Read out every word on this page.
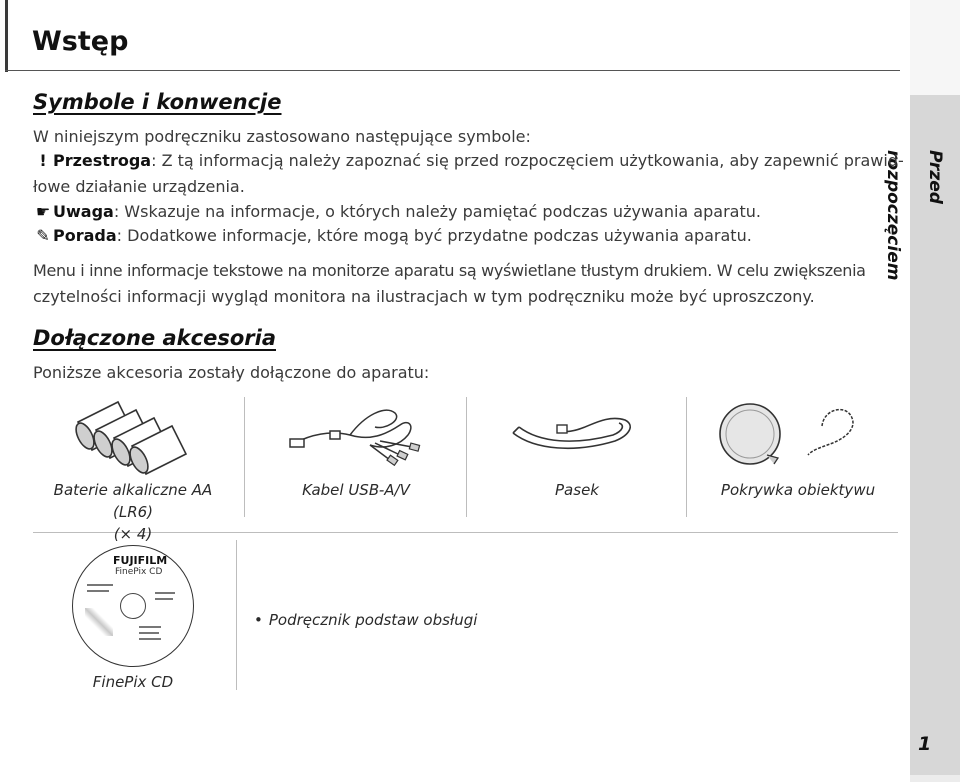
Wstęp
Przed rozpoczęciem
1
Symbole i konwencje
W niniejszym podręczniku zastosowano następujące symbole:
! Przestroga: Z tą informacją należy zapoznać się przed rozpoczęciem użytkowania, aby zapewnić prawid-
łowe działanie urządzenia.
☛ Uwaga: Wskazuje na informacje, o których należy pamiętać podczas używania aparatu.
✎ Porada: Dodatkowe informacje, które mogą być przydatne podczas używania aparatu.
Menu i inne informacje tekstowe na monitorze aparatu są wyświetlane tłustym drukiem. W celu zwiększenia
czytelności informacji wygląd monitora na ilustracjach w tym podręczniku może być uproszczony.
Dołączone akcesoria
Poniższe akcesoria zostały dołączone do aparatu:
Baterie alkaliczne AA (LR6)
(× 4)
Kabel USB-A/V	Pasek	Pokrywka obiektywu
FUJIFILM
FinePix CD
FinePix CD
• Podręcznik podstaw obsługi
